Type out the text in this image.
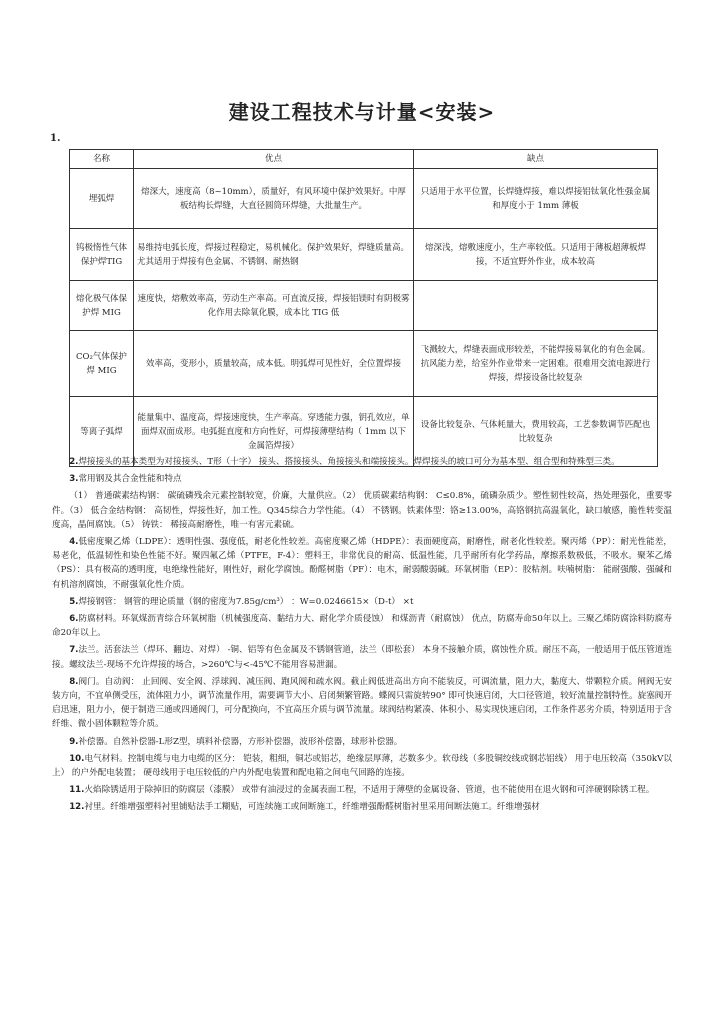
建设工程技术与计量<安装>
1.
名称	优点	缺点
埋弧焊	熔深大，速度高（8~10mm），质量好，有风环境中保护效果好。中厚板结构长焊缝，大直径圆筒环焊缝，大批量生产。	只适用于水平位置，长焊缝焊接，难以焊接铝钛氧化性强金属和厚度小于 1mm 薄板
钨极惰性气体保护焊TIG	易维持电弧长度，焊接过程稳定，易机械化。保护效果好，焊缝质量高。尤其适用于焊接有色金属、不锈钢、耐热钢	熔深浅，熔敷速度小，生产率较低。只适用于薄板超薄板焊接，不适宜野外作业，成本较高
熔化极气体保护焊 MIG	速度快，熔敷效率高，劳动生产率高。可直流反接，焊接铝镁时有阴极雾化作用去除氧化膜，成本比 TIG 低	
CO₂气体保护焊 MIG	效率高，变形小，质量较高，成本低。明弧焊可见性好，全位置焊接	飞溅较大，焊缝表面成形较差，不能焊接易氧化的有色金属。抗风能力差，给室外作业带来一定困难。很难用交流电源进行焊接，焊接设备比较复杂
等离子弧焊	能量集中、温度高，焊接速度快，生产率高。穿透能力强，钥孔效应，单面焊双面成形。电弧挺直度和方向性好，可焊接薄壁结构（ 1mm 以下金属箔焊接）	设备比较复杂、气体耗量大，费用较高，工艺参数调节匹配也比较复杂

2.焊接接头的基本类型为对接接头、T形（十字） 接头、搭接接头、角接接头和端接接头。焊焊接头的坡口可分为基本型、组合型和特殊型三类。

3.常用钢及其合金性能和特点

（1） 普通碳素结构钢： 碳硫磷残余元素控制较宽，价廉，大量供应。（2） 优质碳素结构钢： C≤0.8%，硫磷杂质少。塑性韧性较高，热处理强化，重要零件。（3） 低合金结构钢： 高韧性，焊接性好，加工性。Q345综合力学性能。（4） 不锈钢。铁素体型：铬≥13.00%，高铬钢抗高温氧化，缺口敏感，脆性转变温度高，晶间腐蚀。（5） 铸铁： 稀接高耐磨性，唯一有害元素硫。

4.低密度聚乙烯（LDPE）：透明性强、强度低，耐老化性较差。高密度聚乙烯（HDPE）：表面硬度高，耐磨性，耐老化性较差。聚丙烯（PP）：耐光性能差，易老化，低温韧性和染色性能不好。聚四氟乙烯（PTFE，F-4）：塑料王，非常优良的耐高、低温性能，几乎耐所有化学药品，摩擦系数极低，不吸水。聚苯乙烯（PS）：具有极高的透明度，电绝缘性能好，刚性好，耐化学腐蚀。酚醛树脂（PF）：电木，耐弱酸弱碱。环氧树脂（EP）：胶粘剂。呋喃树脂： 能耐强酸、强碱和有机溶剂腐蚀，不耐强氧化性介质。

5.焊接钢管： 钢管的理论质量（钢的密度为7.85g/cm³） ：W=0.0246615×（D-t） ×t

6.防腐材料。环氧煤沥青综合环氧树脂（机械强度高、黏结力大、耐化学介质侵蚀） 和煤沥青（耐腐蚀） 优点，防腐寿命50年以上。三聚乙烯防腐涂料防腐寿命20年以上。

7.法兰。活套法兰（焊环、翻边、对焊） -铜、铝等有色金属及不锈钢管道，法兰（即松套） 本身不接触介质，腐蚀性介质。耐压不高，一般适用于低压管道连接。螺纹法兰-现场不允许焊接的场合，>260℃与<-45℃不能用容易泄漏。

8.阀门。自动阀： 止回阀、安全阀、浮球阀、减压阀、跑风阀和疏水阀。截止阀低进高出方向不能装反，可调流量，阻力大，黏度大、带颗粒介质。闸阀无安装方向，不宜单侧受压，流体阻力小，调节流量作用，需要调节大小、启闭频繁管路。蝶阀只需旋转90° 即可快速启闭，大口径管道，较好流量控制特性。旋塞阀开启迅速，阻力小，便于制造三通或四通阀门，可分配换向，不宜高压介质与调节流量。球阀结构紧凑、体积小、易实现快速启闭，工作条件恶劣介质，特别适用于含纤维、微小固体颗粒等介质。

9.补偿器。自然补偿器-L形Z型，填料补偿器，方形补偿器，波形补偿器，球形补偿器。

10.电气材料。控制电缆与电力电缆的区分： 铠装，粗细，铜芯或铝芯，绝缘层厚薄，芯数多少。软母线（多股铜绞线或钢芯铝线） 用于电压较高（350kV以上） 的户外配电装置； 硬母线用于电压较低的户内外配电装置和配电箱之间电气回路的连接。

11.火焰除锈适用于除掉旧的防腐层（漆膜） 或带有油浸过的金属表面工程，不适用于薄壁的金属设备、管道，也不能使用在退火钢和可淬硬钢除锈工程。

12.衬里。纤维增强塑料衬里铺贴法手工糊贴，可连续施工或间断施工，纤维增强酚醛树脂衬里采用间断法施工。纤维增强材
